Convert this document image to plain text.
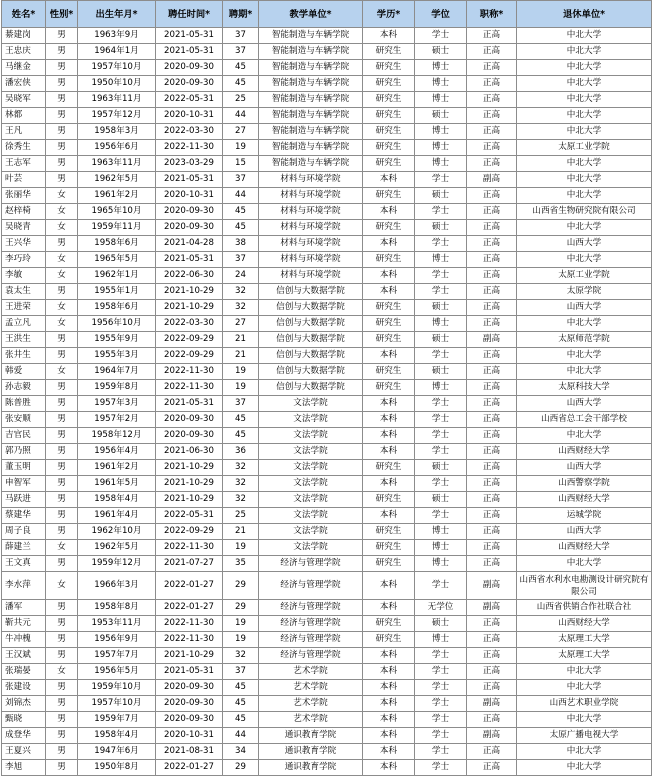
姓名*	性别*	出生年月*	聘任时间*	聘期*	教学单位*	学历*	学位	职称*	退休单位*
綦建岗	男	1963年9月	2021-05-31	37	智能制造与车辆学院	本科	学士	正高	中北大学
王忠庆	男	1964年1月	2021-05-31	37	智能制造与车辆学院	研究生	硕士	正高	中北大学
马继金	男	1957年10月	2020-09-30	45	智能制造与车辆学院	研究生	博士	正高	中北大学
潘宏侠	男	1950年10月	2020-09-30	45	智能制造与车辆学院	研究生	博士	正高	中北大学
吴晓军	男	1963年11月	2022-05-31	25	智能制造与车辆学院	研究生	博士	正高	中北大学
林都	男	1957年12月	2020-10-31	44	智能制造与车辆学院	研究生	硕士	正高	中北大学
王凡	男	1958年3月	2022-03-30	27	智能制造与车辆学院	研究生	博士	正高	中北大学
徐秀生	男	1956年6月	2022-11-30	19	智能制造与车辆学院	研究生	博士	正高	太原工业学院
王志军	男	1963年11月	2023-03-29	15	智能制造与车辆学院	研究生	博士	正高	中北大学
叶芸	男	1962年5月	2021-05-31	37	材料与环境学院	本科	学士	副高	中北大学
张丽华	女	1961年2月	2020-10-31	44	材料与环境学院	研究生	硕士	正高	中北大学
赵梓椅	女	1965年10月	2020-09-30	45	材料与环境学院	本科	学士	正高	山西省生物研究院有限公司
吴晓青	女	1959年11月	2020-09-30	45	材料与环境学院	研究生	硕士	正高	中北大学
王兴华	男	1958年6月	2021-04-28	38	材料与环境学院	本科	学士	正高	山西大学
李巧玲	女	1965年5月	2021-05-31	37	材料与环境学院	研究生	博士	正高	中北大学
李敏	女	1962年1月	2022-06-30	24	材料与环境学院	本科	学士	正高	太原工业学院
袁太生	男	1955年1月	2021-10-29	32	信创与大数据学院	本科	学士	正高	太原学院
王进荣	女	1958年6月	2021-10-29	32	信创与大数据学院	研究生	硕士	正高	山西大学
孟立凡	女	1956年10月	2022-03-30	27	信创与大数据学院	研究生	博士	正高	中北大学
王洪生	男	1955年9月	2022-09-29	21	信创与大数据学院	研究生	硕士	副高	太原师范学院
张井生	男	1955年3月	2022-09-29	21	信创与大数据学院	本科	学士	正高	中北大学
韩爱	女	1964年7月	2022-11-30	19	信创与大数据学院	研究生	硕士	正高	中北大学
孙志毅	男	1959年8月	2022-11-30	19	信创与大数据学院	研究生	博士	正高	太原科技大学
陈普胜	男	1957年3月	2021-05-31	37	文法学院	本科	学士	正高	山西大学
张安顺	男	1957年2月	2020-09-30	45	文法学院	本科	学士	正高	山西省总工会干部学校
吉官民	男	1958年12月	2020-09-30	45	文法学院	本科	学士	正高	中北大学
郭乃照	男	1956年4月	2021-06-30	36	文法学院	本科	学士	正高	山西财经大学
董玉明	男	1961年2月	2021-10-29	32	文法学院	研究生	硕士	正高	山西大学
申智军	男	1961年5月	2021-10-29	32	文法学院	本科	学士	正高	山西警察学院
马跃进	男	1958年4月	2021-10-29	32	文法学院	研究生	硕士	正高	山西财经大学
蔡建华	男	1961年4月	2022-05-31	25	文法学院	本科	学士	正高	运城学院
周子良	男	1962年10月	2022-09-29	21	文法学院	研究生	博士	正高	山西大学
薛建兰	女	1962年5月	2022-11-30	19	文法学院	研究生	博士	正高	山西财经大学
王文真	男	1959年12月	2021-07-27	35	经济与管理学院	研究生	博士	正高	中北大学
李水萍	女	1966年3月	2022-01-27	29	经济与管理学院	本科	学士	副高	山西省水利水电勘测设计研究院有限公司
潘军	男	1958年8月	2022-01-27	29	经济与管理学院	本科	无学位	副高	山西省供销合作社联合社
靳共元	男	1953年11月	2022-11-30	19	经济与管理学院	研究生	硕士	正高	山西财经大学
牛冲槐	男	1956年9月	2022-11-30	19	经济与管理学院	研究生	博士	正高	太原理工大学
王汉斌	男	1957年7月	2021-10-29	32	经济与管理学院	本科	学士	正高	太原理工大学
张瑞晏	女	1956年5月	2021-05-31	37	艺术学院	本科	学士	正高	中北大学
张建设	男	1959年10月	2020-09-30	45	艺术学院	本科	学士	正高	中北大学
刘锦杰	男	1957年10月	2020-09-30	45	艺术学院	本科	学士	副高	山西艺术职业学院
甄晓	男	1959年7月	2020-09-30	45	艺术学院	本科	学士	正高	中北大学
成登华	男	1958年4月	2020-10-31	44	通识教育学院	本科	学士	副高	太原广播电视大学
王夏兴	男	1947年6月	2021-08-31	34	通识教育学院	本科	学士	正高	中北大学
李旭	男	1950年8月	2022-01-27	29	通识教育学院	本科	学士	正高	中北大学
